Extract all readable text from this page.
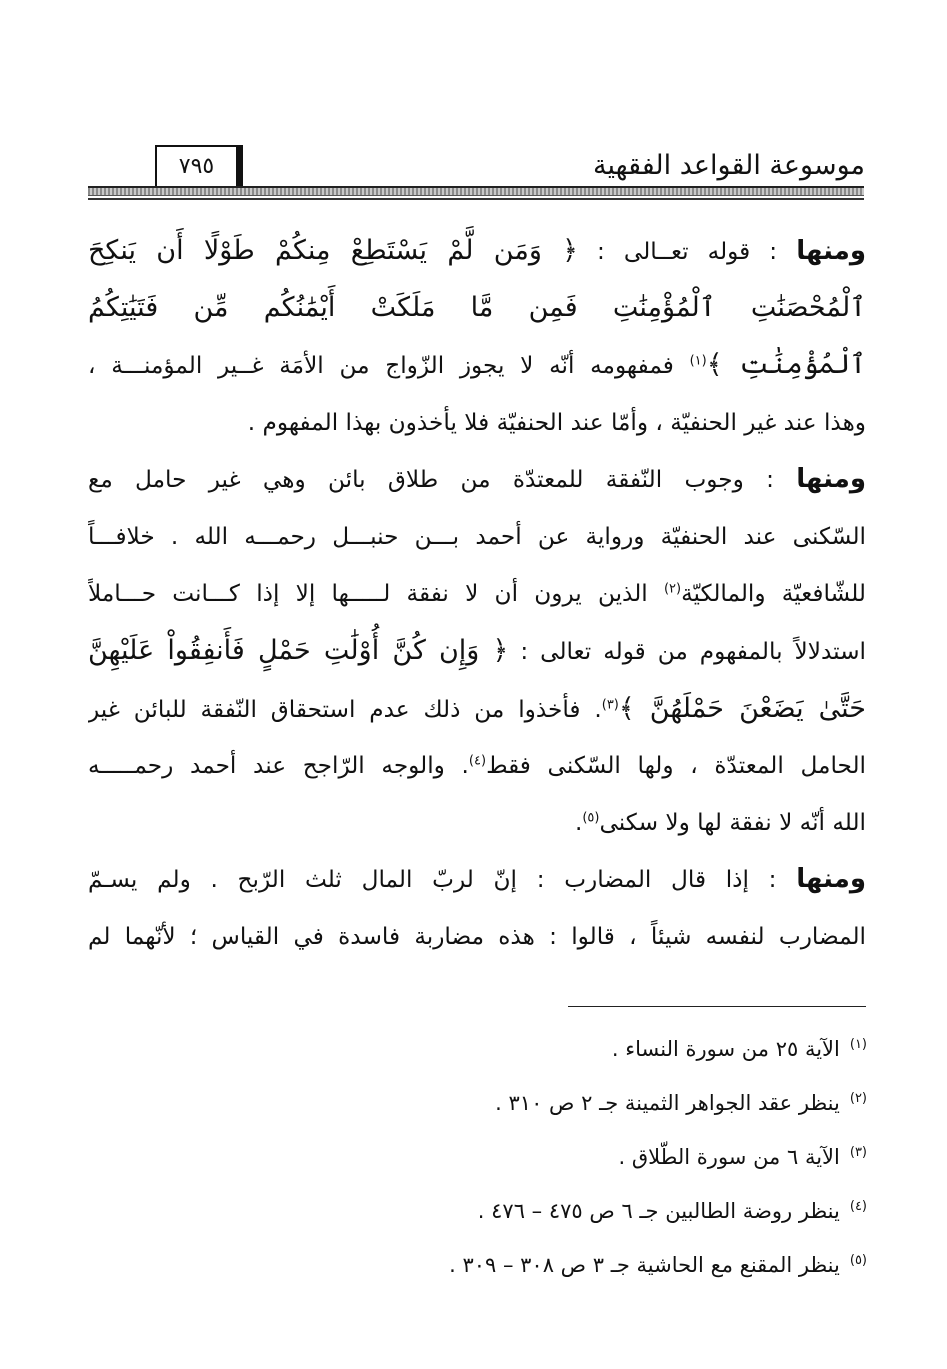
موسوعة القواعد الفقهية
٧٩٥
ومنها : قوله تعــالى : ﴿ وَمَن لَّمْ يَسْتَطِعْ مِنكُمْ طَوْلًا أَن يَنكِحَ
ٱلْمُحْصَنَٰتِ ٱلْمُؤْمِنَٰتِ فَمِن مَّا مَلَكَتْ أَيْمَٰنُكُم مِّن فَتَيَٰتِكُمُ
ٱلْمُؤْمِنَٰتِ ﴾$^{(١)}$ فمفهومه أنّه لا يجوز الزّواج من الأمَة غــير المؤمنـــة ،
وهذا عند غير الحنفيّة ، وأمّا عند الحنفيّة فلا يأخذون بهذا المفهوم .
ومنها : وجوب النّفقة للمعتدّة من طلاق بائن وهي غير حامل مع
السّكنى عند الحنفيّة ورواية عن أحمد بـــن حنبـــل رحمـــه الله . خلافـــاً
للشّافعيّة والمالكيّة$^{(٢)}$ الذين يرون أن لا نفقة لـــــها إلا إذا كـــانت حـــاملاً
استدلالاً بالمفهوم من قوله تعالى : ﴿ وَإِن كُنَّ أُوْلَٰتِ حَمْلٍ فَأَنفِقُواْ عَلَيْهِنَّ
حَتَّىٰ يَضَعْنَ حَمْلَهُنَّ ﴾$^{(٣)}$. فأخذوا من ذلك عدم استحقاق النّفقة للبائن غير
الحامل المعتدّة ، ولها السّكنى فقط$^{(٤)}$. والوجه الرّاجح عند أحمد رحمـــــه
الله أنّه لا نفقة لها ولا سكنى$^{(٥)}$.
ومنها : إذا قال المضارب : إنّ لربّ المال ثلث الرّبح . ولم يسـمّ
المضارب لنفسه شيئاً ، قالوا : هذه مضاربة فاسدة في القياس ؛ لأنّهما لم
$^{(١)}$الآية ٢٥ من سورة النساء .
$^{(٢)}$ينظر عقد الجواهر الثمينة جـ ٢ ص ٣١٠ .
$^{(٣)}$الآية ٦ من سورة الطّلاق .
$^{(٤)}$ينظر روضة الطالبين جـ ٦ ص ٤٧٥ – ٤٧٦ .
$^{(٥)}$ينظر المقنع مع الحاشية جـ ٣ ص ٣٠٨ – ٣٠٩ .
